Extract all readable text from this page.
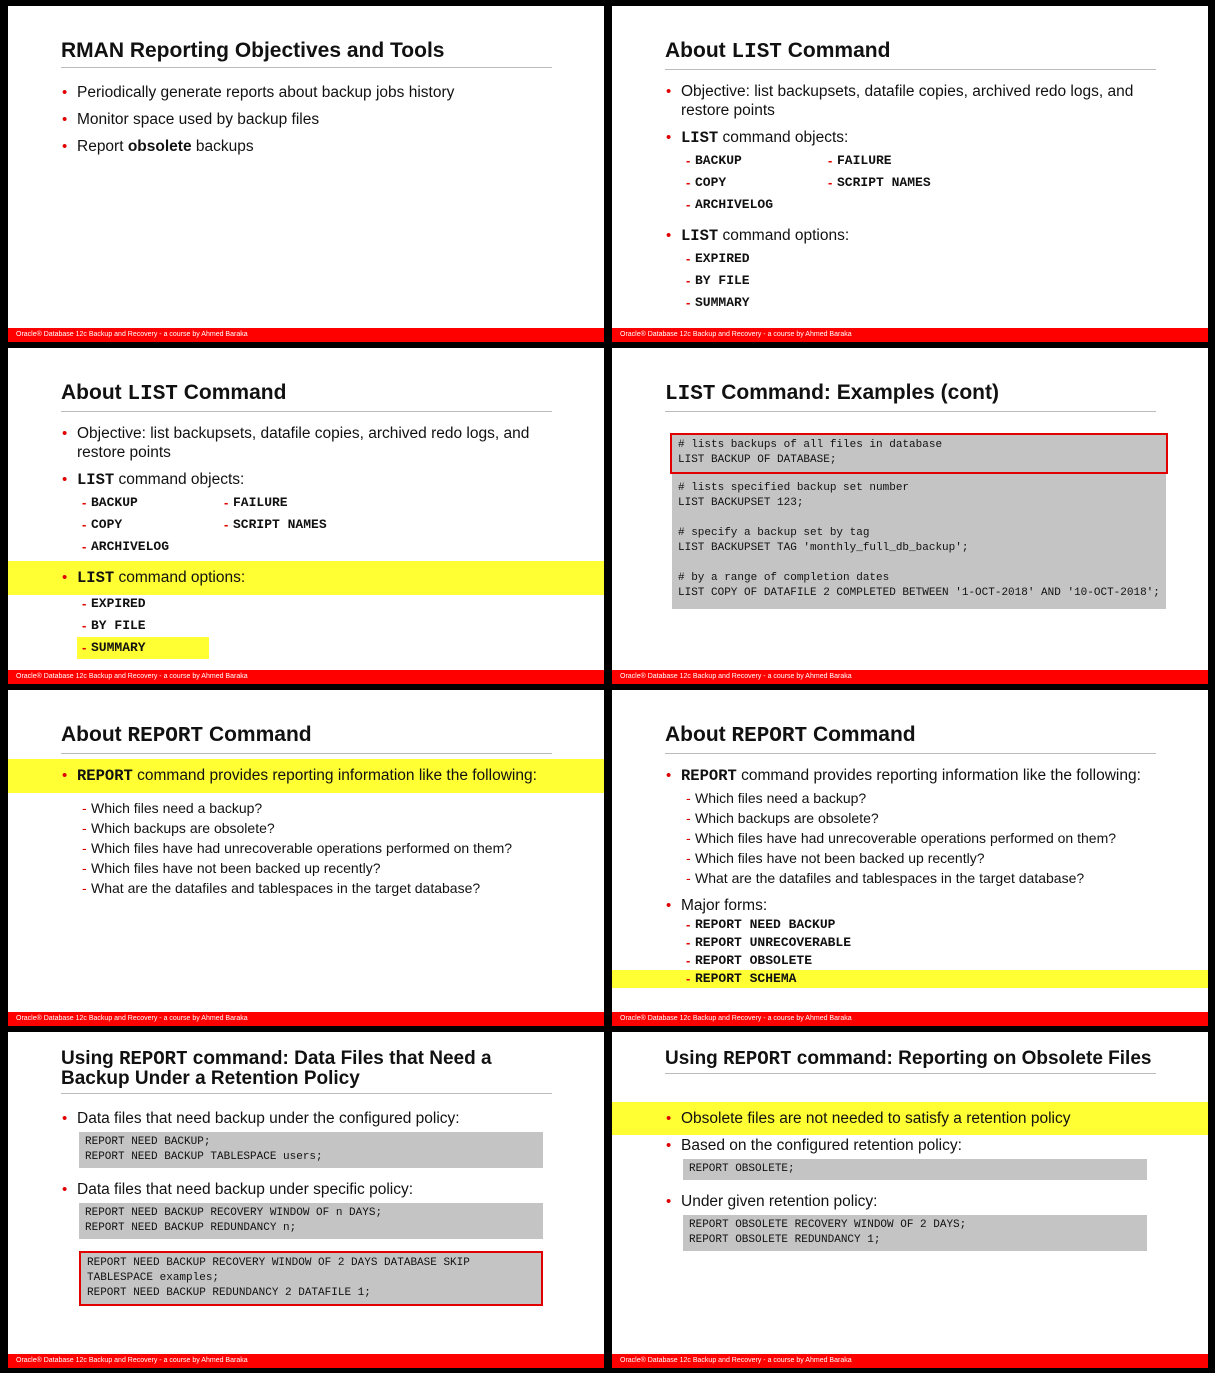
RMAN Reporting Objectives and Tools
• Periodically generate reports about backup jobs history
• Monitor space used by backup files
• Report obsolete backups
Oracle® Database 12c Backup and Recovery - a course by Ahmed Baraka
About LIST Command
• Objective: list backupsets, datafile copies, archived redo logs, and restore points
• LIST command objects:
- BACKUP	- FAILURE
- COPY	- SCRIPT NAMES
- ARCHIVELOG
• LIST command options:
- EXPIRED
- BY FILE
- SUMMARY
Oracle® Database 12c Backup and Recovery - a course by Ahmed Baraka
About LIST Command
• Objective: list backupsets, datafile copies, archived redo logs, and restore points
• LIST command objects:
- BACKUP	- FAILURE
- COPY	- SCRIPT NAMES
- ARCHIVELOG
• LIST command options:
- EXPIRED
- BY FILE
- SUMMARY
Oracle® Database 12c Backup and Recovery - a course by Ahmed Baraka
LIST Command: Examples (cont)
# lists backups of all files in database
LIST BACKUP OF DATABASE;
# lists specified backup set number
LIST BACKUPSET 123;
# specify a backup set by tag
LIST BACKUPSET TAG 'monthly_full_db_backup';
# by a range of completion dates
LIST COPY OF DATAFILE 2 COMPLETED BETWEEN '1-OCT-2018' AND '10-OCT-2018';
Oracle® Database 12c Backup and Recovery - a course by Ahmed Baraka
About REPORT Command
• REPORT command provides reporting information like the following:
- Which files need a backup?
- Which backups are obsolete?
- Which files have had unrecoverable operations performed on them?
- Which files have not been backed up recently?
- What are the datafiles and tablespaces in the target database?
Oracle® Database 12c Backup and Recovery - a course by Ahmed Baraka
About REPORT Command
• REPORT command provides reporting information like the following:
- Which files need a backup?
- Which backups are obsolete?
- Which files have had unrecoverable operations performed on them?
- Which files have not been backed up recently?
- What are the datafiles and tablespaces in the target database?
• Major forms:
- REPORT NEED BACKUP
- REPORT UNRECOVERABLE
- REPORT OBSOLETE
- REPORT SCHEMA
Oracle® Database 12c Backup and Recovery - a course by Ahmed Baraka
Using REPORT command: Data Files that Need a Backup Under a Retention Policy
• Data files that need backup under the configured policy:
REPORT NEED BACKUP;
REPORT NEED BACKUP TABLESPACE users;
• Data files that need backup under specific policy:
REPORT NEED BACKUP RECOVERY WINDOW OF n DAYS;
REPORT NEED BACKUP REDUNDANCY n;
REPORT NEED BACKUP RECOVERY WINDOW OF 2 DAYS DATABASE SKIP
TABLESPACE examples;
REPORT NEED BACKUP REDUNDANCY 2 DATAFILE 1;
Oracle® Database 12c Backup and Recovery - a course by Ahmed Baraka
Using REPORT command: Reporting on Obsolete Files
• Obsolete files are not needed to satisfy a retention policy
• Based on the configured retention policy:
REPORT OBSOLETE;
• Under given retention policy:
REPORT OBSOLETE RECOVERY WINDOW OF 2 DAYS;
REPORT OBSOLETE REDUNDANCY 1;
Oracle® Database 12c Backup and Recovery - a course by Ahmed Baraka
